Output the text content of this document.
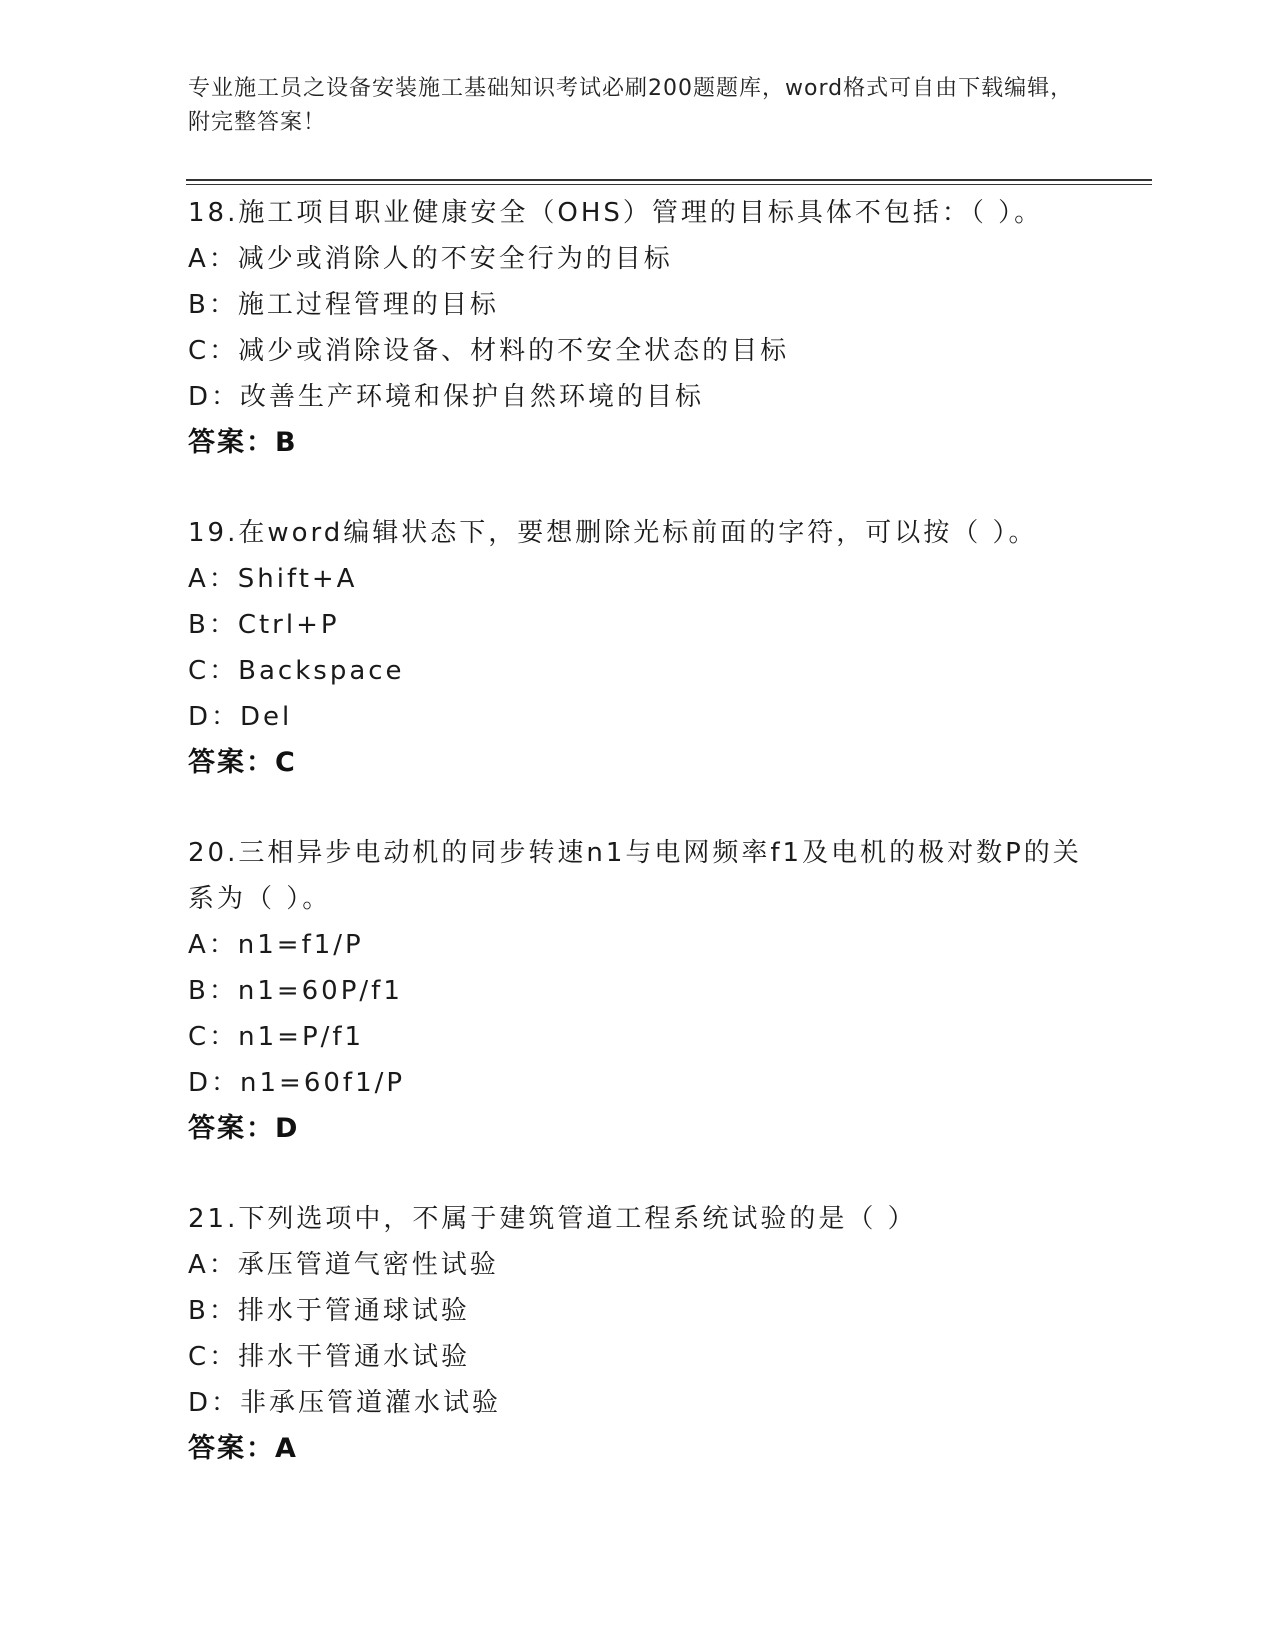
专业施工员之设备安装施工基础知识考试必刷200题题库，word格式可自由下载编辑，附完整答案！
18.施工项目职业健康安全（OHS）管理的目标具体不包括：（ ）。
A：减少或消除人的不安全行为的目标
B：施工过程管理的目标
C：减少或消除设备、材料的不安全状态的目标
D：改善生产环境和保护自然环境的目标
答案：B
19.在word编辑状态下，要想删除光标前面的字符，可以按（ ）。
A：Shift+A
B：Ctrl+P
C：Backspace
D：Del
答案：C
20.三相异步电动机的同步转速n1与电网频率f1及电机的极对数P的关系为（ ）。
A：n1=f1/P
B：n1=60P/f1
C：n1=P/f1
D：n1=60f1/P
答案：D
21.下列选项中，不属于建筑管道工程系统试验的是（ ）
A：承压管道气密性试验
B：排水于管通球试验
C：排水干管通水试验
D：非承压管道灌水试验
答案：A
